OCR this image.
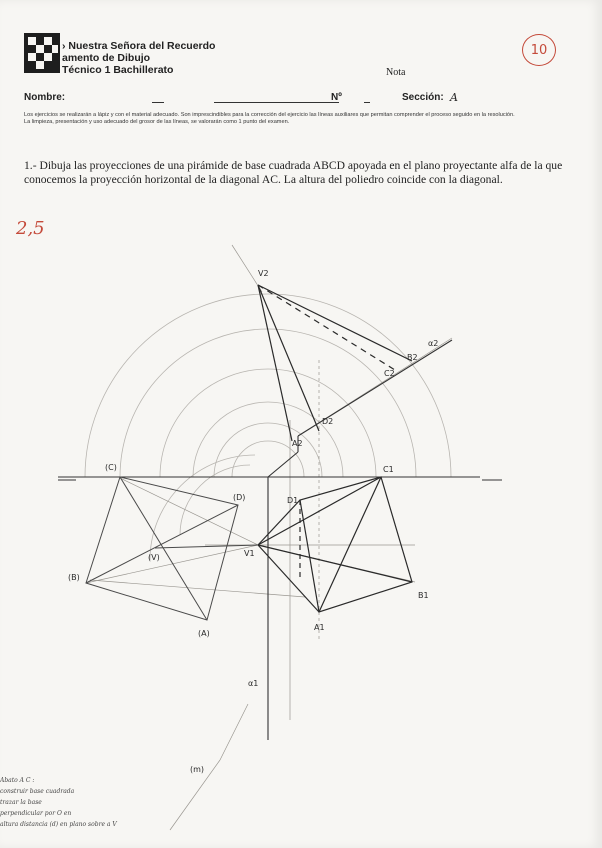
› Nuestra Señora del Recuerdo
amento de Dibujo
Técnico 1 Bachillerato	Nota
10
Nombre:	Nº	Sección: A
Los ejercicios se realizarán a lápiz y con el material adecuado. Son imprescindibles para la corrección del ejercicio las líneas auxiliares que permitan comprender el proceso seguido en la resolución.
La limpieza, presentación y uso adecuado del grosor de las líneas, se valorarán como 1 punto del examen.
1.- Dibuja las proyecciones de una pirámide de base cuadrada ABCD apoyada en el plano proyectante alfa de la que conocemos la proyección horizontal de la diagonal AC. La altura del poliedro coincide con la diagonal.
2,5
V2
α2
C1
A1
(C)
(B)
(A)
(D)
(V)	V1
B1
D1
α1
B2
C2
A2
D2
(m)
Abato A C :
construir base cuadrada
trazar la base
perpendicular por O en
altura distancia (d) en plano sobre a V
